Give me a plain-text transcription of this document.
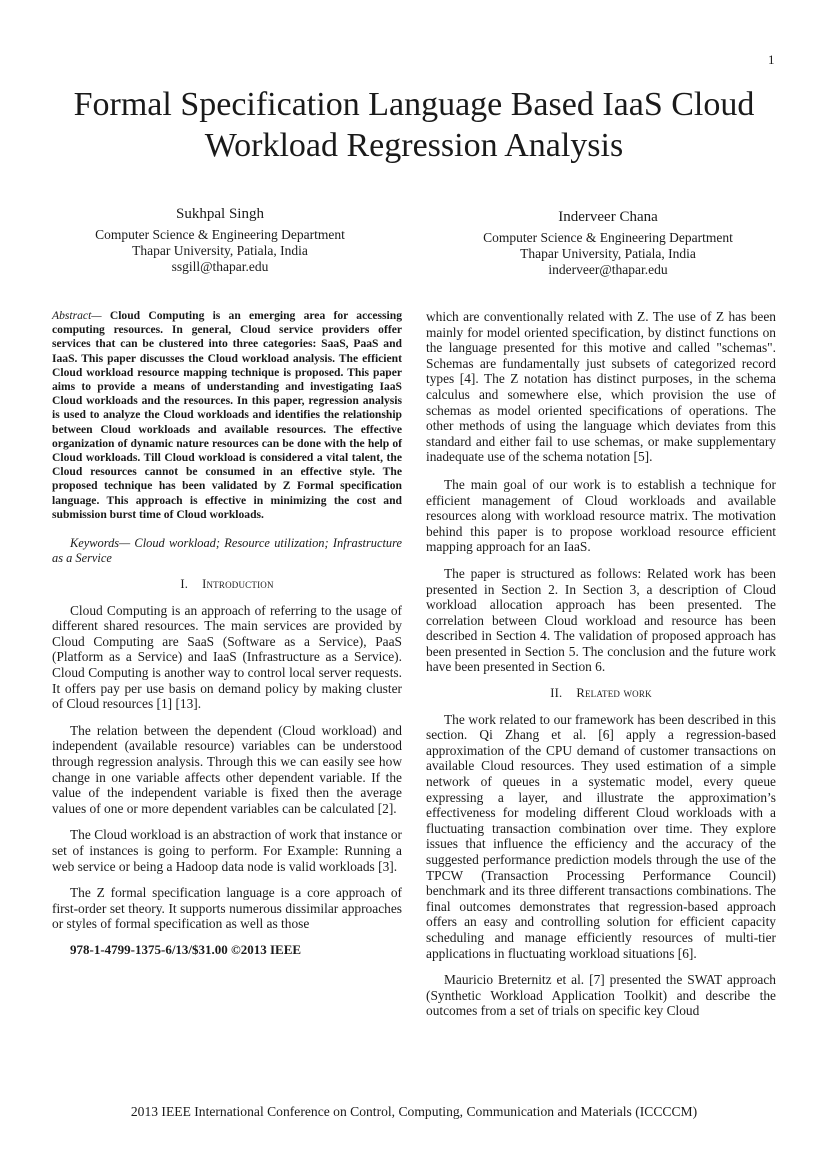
1
Formal Specification Language Based IaaS Cloud Workload Regression Analysis
Sukhpal Singh
Computer Science & Engineering Department
Thapar University, Patiala, India
ssgill@thapar.edu
Inderveer Chana
Computer Science & Engineering Department
Thapar University, Patiala, India
inderveer@thapar.edu

Abstract— Cloud Computing is an emerging area for accessing computing resources. In general, Cloud service providers offer services that can be clustered into three categories: SaaS, PaaS and IaaS. This paper discusses the Cloud workload analysis. The efficient Cloud workload resource mapping technique is proposed. This paper aims to provide a means of understanding and investigating IaaS Cloud workloads and the resources. In this paper, regression analysis is used to analyze the Cloud workloads and identifies the relationship between Cloud workloads and available resources. The effective organization of dynamic nature resources can be done with the help of Cloud workloads. Till Cloud workload is considered a vital talent, the Cloud resources cannot be consumed in an effective style. The proposed technique has been validated by Z Formal specification language. This approach is effective in minimizing the cost and submission burst time of Cloud workloads.

Keywords— Cloud workload; Resource utilization; Infrastructure as a Service

I. Introduction

Cloud Computing is an approach of referring to the usage of different shared resources. The main services are provided by Cloud Computing are SaaS (Software as a Service), PaaS (Platform as a Service) and IaaS (Infrastructure as a Service). Cloud Computing is another way to control local server requests. It offers pay per use basis on demand policy by making cluster of Cloud resources [1] [13].

The relation between the dependent (Cloud workload) and independent (available resource) variables can be understood through regression analysis. Through this we can easily see how change in one variable affects other dependent variable. If the value of the independent variable is fixed then the average values of one or more dependent variables can be calculated [2].

The Cloud workload is an abstraction of work that instance or set of instances is going to perform. For Example: Running a web service or being a Hadoop data node is valid workloads [3].

The Z formal specification language is a core approach of first-order set theory. It supports numerous dissimilar approaches or styles of formal specification as well as those

978-1‐4799‐1375‐6/13/$31.00 ©2013 IEEE

which are conventionally related with Z. The use of Z has been mainly for model oriented specification, by distinct functions on the language presented for this motive and called "schemas". Schemas are fundamentally just subsets of categorized record types [4]. The Z notation has distinct purposes, in the schema calculus and somewhere else, which provision the use of schemas as model oriented specifications of operations. The other methods of using the language which deviates from this standard and either fail to use schemas, or make supplementary inadequate use of the schema notation [5].

The main goal of our work is to establish a technique for efficient management of Cloud workloads and available resources along with workload resource matrix. The motivation behind this paper is to propose workload resource efficient mapping approach for an IaaS.

The paper is structured as follows: Related work has been presented in Section 2. In Section 3, a description of Cloud workload allocation approach has been presented. The correlation between Cloud workload and resource has been described in Section 4. The validation of proposed approach has been presented in Section 5. The conclusion and the future work have been presented in Section 6.

II. Related work

The work related to our framework has been described in this section. Qi Zhang et al. [6] apply a regression-based approximation of the CPU demand of customer transactions on available Cloud resources. They used estimation of a simple network of queues in a systematic model, every queue expressing a layer, and illustrate the approximation’s effectiveness for modeling different Cloud workloads with a fluctuating transaction combination over time. They explore issues that influence the efficiency and the accuracy of the suggested performance prediction models through the use of the TPCW (Transaction Processing Performance Council) benchmark and its three different transactions combinations. The final outcomes demonstrates that regression-based approach offers an easy and controlling solution for efficient capacity scheduling and manage efficiently resources of multi-tier applications in fluctuating workload situations [6].

Mauricio Breternitz et al. [7] presented the SWAT approach (Synthetic Workload Application Toolkit) and describe the outcomes from a set of trials on specific key Cloud

2013 IEEE International Conference on Control, Computing, Communication and Materials (ICCCCM)
